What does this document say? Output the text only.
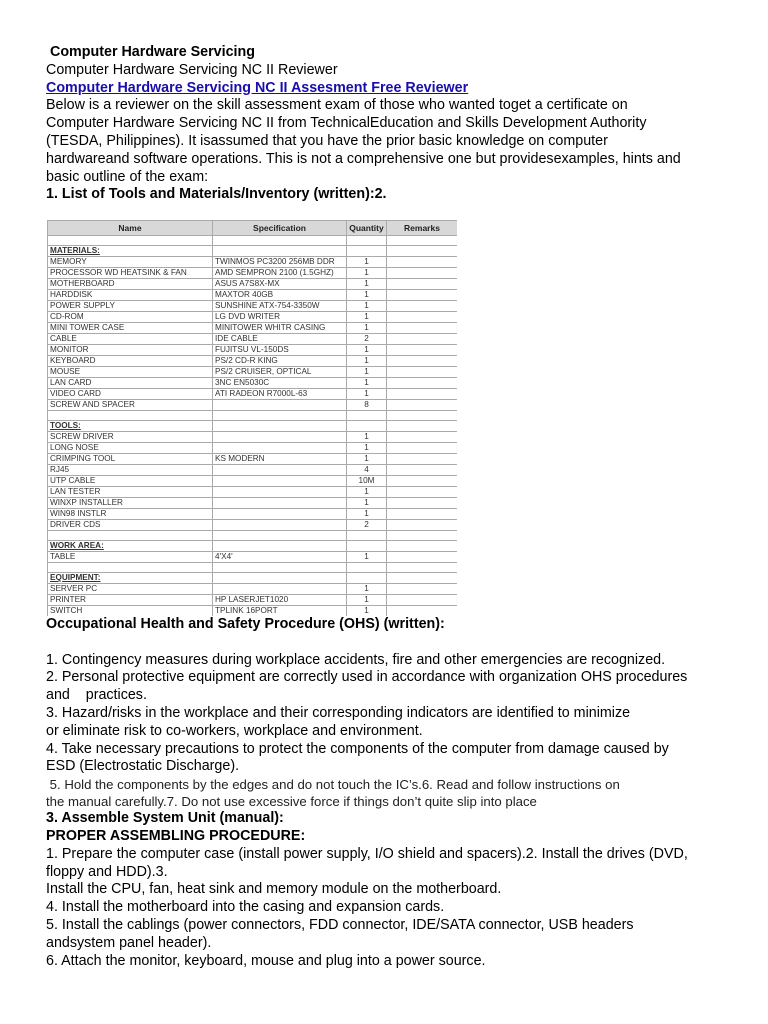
Computer Hardware Servicing
Computer Hardware Servicing NC II Reviewer
Computer Hardware Servicing NC II Assesment Free Reviewer
Below is a reviewer on the skill assessment exam of those who wanted toget a certificate on
Computer Hardware Servicing NC II from TechnicalEducation and Skills Development Authority
(TESDA, Philippines). It isassumed that you have the prior basic knowledge on computer
hardwareand software operations. This is not a comprehensive one but providesexamples, hints and
basic outline of the exam:
1. List of Tools and Materials/Inventory (written):2.
Name	Specification	Quantity	Remarks

MATERIALS:			
MEMORY	TWINMOS PC3200 256MB DDR	1	
PROCESSOR WD HEATSINK & FAN	AMD SEMPRON 2100 (1.5GHZ)	1	
MOTHERBOARD	ASUS A7S8X-MX	1	
HARDDISK	MAXTOR 40GB	1	
POWER SUPPLY	SUNSHINE ATX-754-3350W	1	
CD-ROM	LG DVD WRITER	1	
MINI TOWER CASE	MINITOWER WHITR CASING	1	
CABLE	IDE CABLE	2	
MONITOR	FUJITSU VL-150DS	1	
KEYBOARD	PS/2 CD-R KING	1	
MOUSE	PS/2 CRUISER, OPTICAL	1	
LAN CARD	3NC EN5030C	1	
VIDEO CARD	ATI RADEON R7000L-63	1	
SCREW AND SPACER		8	

TOOLS:			
SCREW DRIVER		1	
LONG NOSE		1	
CRIMPING TOOL	KS MODERN	1	
RJ45		4	
UTP CABLE		10M	
LAN TESTER		1	
WINXP INSTALLER		1	
WIN98 INSTLR		1	
DRIVER CDS		2	

WORK AREA:			
TABLE	4'X4'	1	

EQUIPMENT:			
SERVER PC		1	
PRINTER	HP LASERJET1020	1	
SWITCH	TPLINK 16PORT	1	
Occupational Health and Safety Procedure (OHS) (written):
1. Contingency measures during workplace accidents, fire and other emergencies are recognized.
2. Personal protective equipment are correctly used in accordance with organization OHS procedures
and    practices.
3. Hazard/risks in the workplace and their corresponding indicators are identified to minimize
or eliminate risk to co-workers, workplace and environment.
4. Take necessary precautions to protect the components of the computer from damage caused by
ESD (Electrostatic Discharge).
5. Hold the components by the edges and do not touch the IC’s.6. Read and follow instructions on
the manual carefully.7. Do not use excessive force if things don’t quite slip into place
3. Assemble System Unit (manual):
PROPER ASSEMBLING PROCEDURE:
1. Prepare the computer case (install power supply, I/O shield and spacers).2. Install the drives (DVD,
floppy and HDD).3.
Install the CPU, fan, heat sink and memory module on the motherboard.
4. Install the motherboard into the casing and expansion cards.
5. Install the cablings (power connectors, FDD connector, IDE/SATA connector, USB headers
andsystem panel header).
6. Attach the monitor, keyboard, mouse and plug into a power source.
